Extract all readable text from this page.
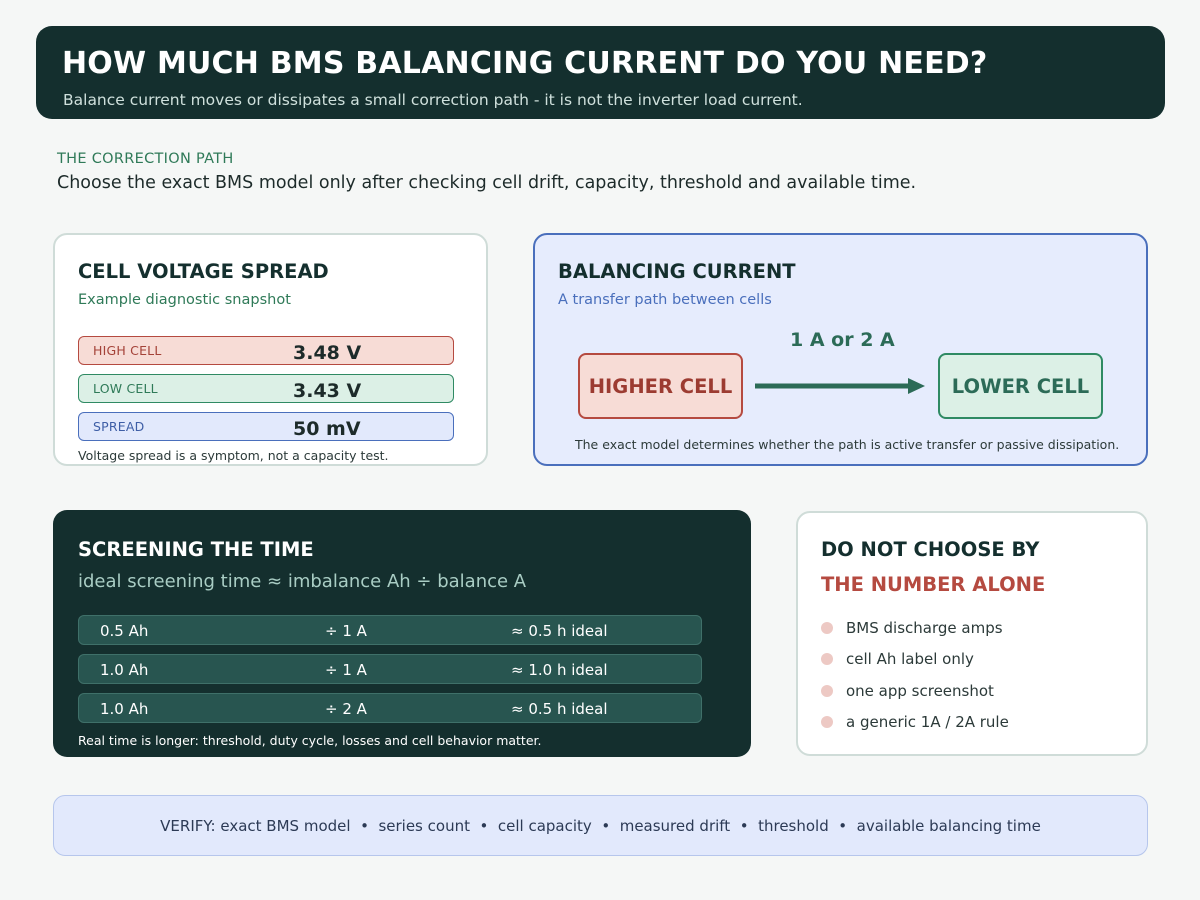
HOW MUCH BMS BALANCING CURRENT DO YOU NEED?
Balance current moves or dissipates a small correction path - it is not the inverter load current.
THE CORRECTION PATH
Choose the exact BMS model only after checking cell drift, capacity, threshold and available time.
CELL VOLTAGE SPREAD
Example diagnostic snapshot
HIGH CELL	3.48 V
LOW CELL	3.43 V
SPREAD	50 mV
Voltage spread is a symptom, not a capacity test.
BALANCING CURRENT
A transfer path between cells
1 A or 2 A
HIGHER CELL	LOWER CELL
The exact model determines whether the path is active transfer or passive dissipation.
SCREENING THE TIME
ideal screening time ≈ imbalance Ah ÷ balance A
0.5 Ah	÷ 1 A	≈ 0.5 h ideal
1.0 Ah	÷ 1 A	≈ 1.0 h ideal
1.0 Ah	÷ 2 A	≈ 0.5 h ideal
Real time is longer: threshold, duty cycle, losses and cell behavior matter.
DO NOT CHOOSE BY
THE NUMBER ALONE
BMS discharge amps
cell Ah label only
one app screenshot
a generic 1A / 2A rule
VERIFY: exact BMS model  •  series count  •  cell capacity  •  measured drift  •  threshold  •  available balancing time
